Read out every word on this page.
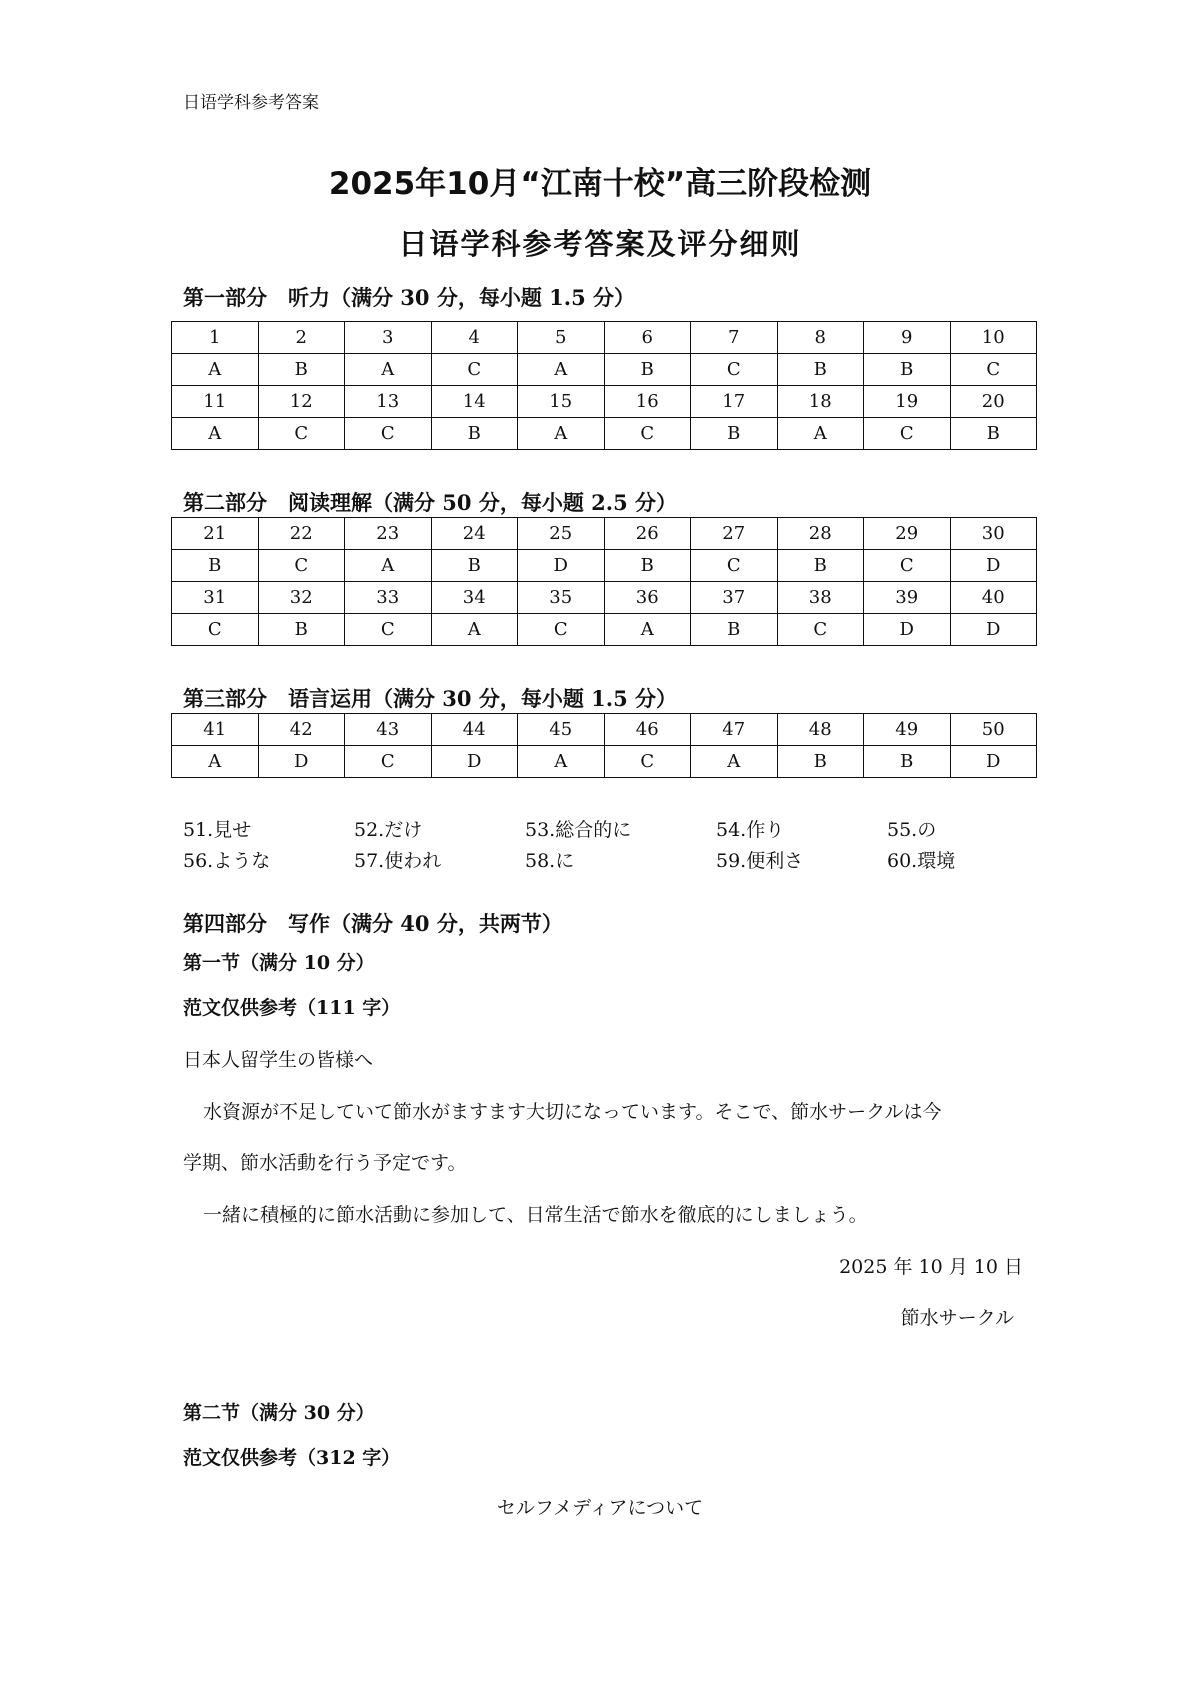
日语学科参考答案
2025年10月“江南十校”高三阶段检测
日语学科参考答案及评分细则
第一部分　听力（满分 30 分，每小题 1.5 分）
1	2	3	4	5	6	7	8	9	10
A	B	A	C	A	B	C	B	B	C
11	12	13	14	15	16	17	18	19	20
A	C	C	B	A	C	B	A	C	B
第二部分　阅读理解（满分 50 分，每小题 2.5 分）
21	22	23	24	25	26	27	28	29	30
B	C	A	B	D	B	C	B	C	D
31	32	33	34	35	36	37	38	39	40
C	B	C	A	C	A	B	C	D	D
第三部分　语言运用（满分 30 分，每小题 1.5 分）
41	42	43	44	45	46	47	48	49	50
A	D	C	D	A	C	A	B	B	D
51.見せ	52.だけ	53.総合的に	54.作り	55.の
56.ような	57.使われ	58.に	59.便利さ	60.環境
第四部分　写作（满分 40 分，共两节）
第一节（满分 10 分）
范文仅供参考（111 字）
日本人留学生の皆様へ
水資源が不足していて節水がますます大切になっています。そこで、節水サークルは今
学期、節水活動を行う予定です。
一緒に積極的に節水活動に参加して、日常生活で節水を徹底的にしましょう。
2025 年 10 月 10 日
節水サークル
第二节（满分 30 分）
范文仅供参考（312 字）
セルフメディアについて
